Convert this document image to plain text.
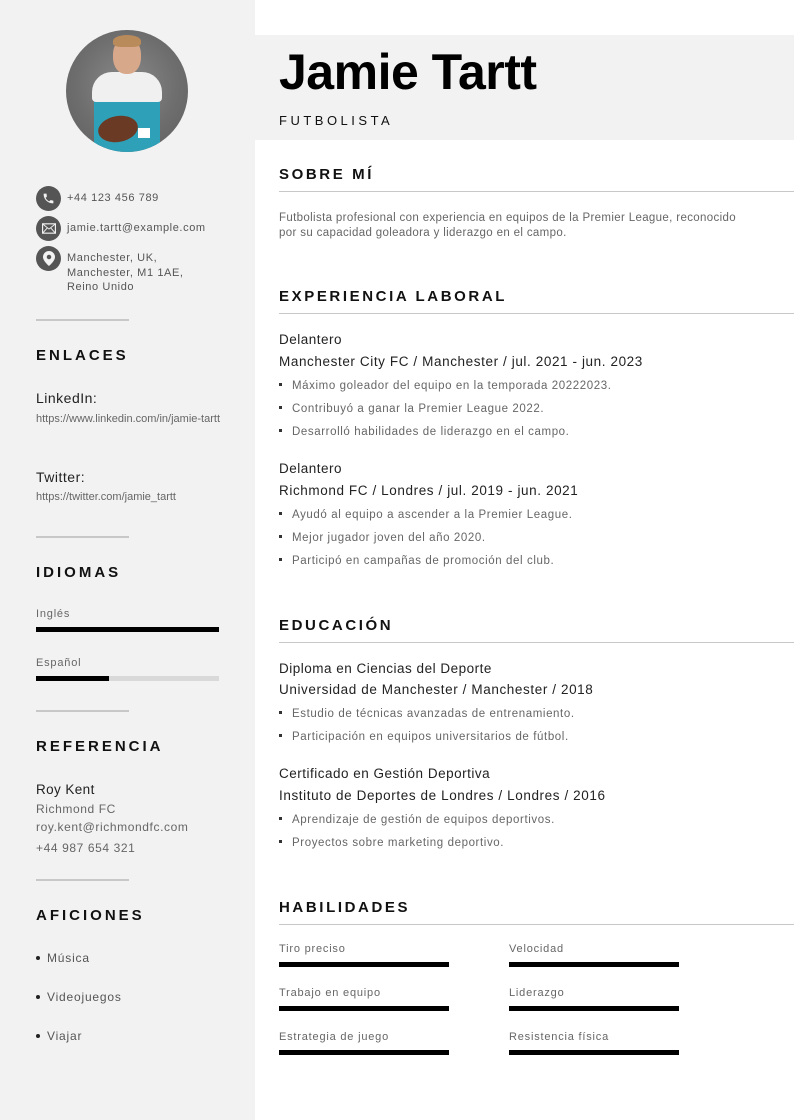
+44 123 456 789
jamie.tartt@example.com
Manchester, UK,
Manchester, M1 1AE,
Reino Unido
ENLACES
LinkedIn:
https://www.linkedin.com/in/jamie-tartt
Twitter:
https://twitter.com/jamie_tartt
IDIOMAS
Inglés
Español
REFERENCIA
Roy Kent
Richmond FC
roy.kent@richmondfc.com
+44 987 654 321
AFICIONES
Música
Videojuegos
Viajar
Jamie Tartt
FUTBOLISTA
SOBRE MÍ

Futbolista profesional con experiencia en equipos de la Premier League, reconocido por su capacidad goleadora y liderazgo en el campo.

EXPERIENCIA LABORAL
Delantero
Manchester City FC / Manchester / jul. 2021 - jun. 2023
Máximo goleador del equipo en la temporada 20222023.
Contribuyó a ganar la Premier League 2022.
Desarrolló habilidades de liderazgo en el campo.
Delantero
Richmond FC / Londres / jul. 2019 - jun. 2021
Ayudó al equipo a ascender a la Premier League.
Mejor jugador joven del año 2020.
Participó en campañas de promoción del club.
EDUCACIÓN
Diploma en Ciencias del Deporte
Universidad de Manchester / Manchester / 2018
Estudio de técnicas avanzadas de entrenamiento.
Participación en equipos universitarios de fútbol.
Certificado en Gestión Deportiva
Instituto de Deportes de Londres / Londres / 2016
Aprendizaje de gestión de equipos deportivos.
Proyectos sobre marketing deportivo.
HABILIDADES
Tiro preciso	Velocidad
Trabajo en equipo	Liderazgo
Estrategia de juego	Resistencia física
